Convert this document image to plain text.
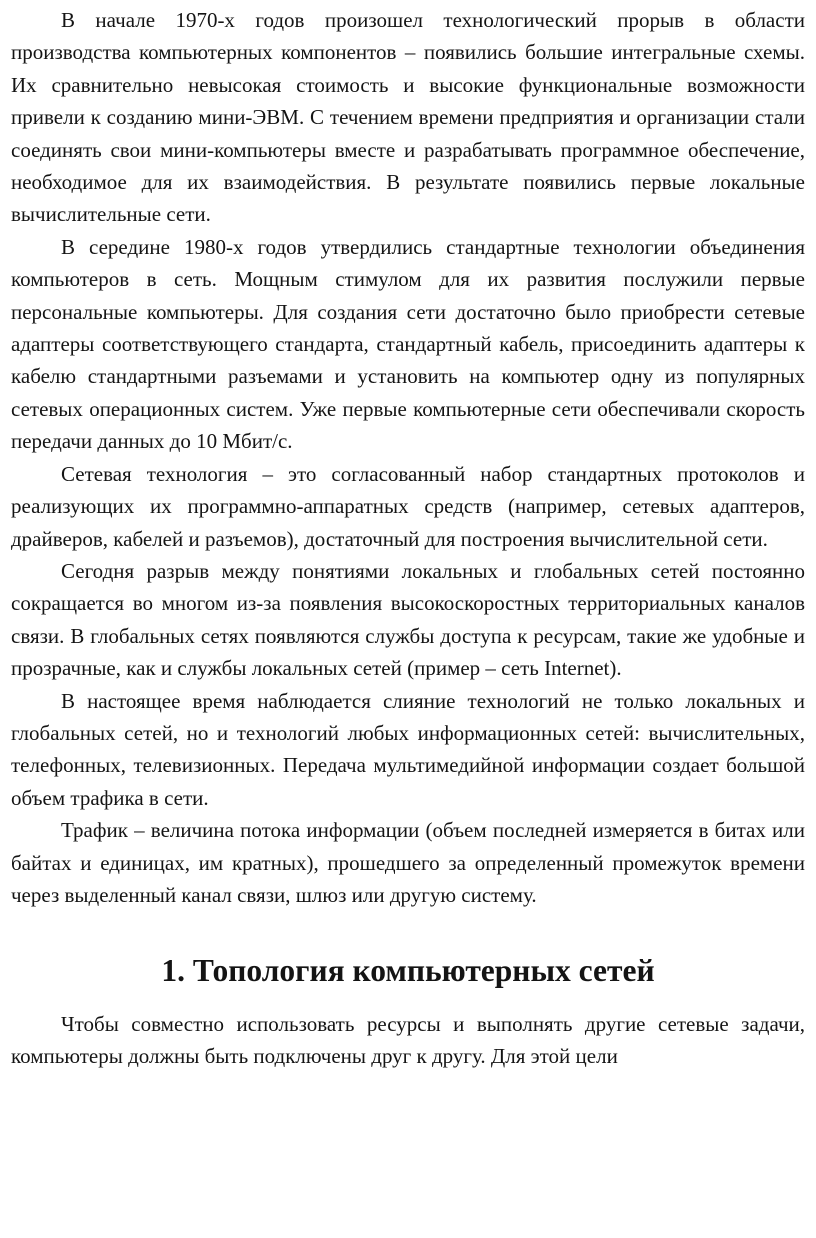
В начале 1970-х годов произошел технологический прорыв в области производства компьютерных компонентов – появились большие интегральные схемы. Их сравнительно невысокая стоимость и высокие функциональные возможности привели к созданию мини-ЭВМ. С течением времени предприятия и организации стали соединять свои мини-компьютеры вместе и разрабатывать программное обеспечение, необходимое для их взаимодействия. В результате появились первые локальные вычислительные сети.

В середине 1980-х годов утвердились стандартные технологии объединения компьютеров в сеть. Мощным стимулом для их развития послужили первые персональные компьютеры. Для создания сети достаточно было приобрести сетевые адаптеры соответствующего стандарта, стандартный кабель, присоединить адаптеры к кабелю стандартными разъемами и установить на компьютер одну из популярных сетевых операционных систем. Уже первые компьютерные сети обеспечивали скорость передачи данных до 10 Мбит/с.

Сетевая технология – это согласованный набор стандартных протоколов и реализующих их программно-аппаратных средств (например, сетевых адаптеров, драйверов, кабелей и разъемов), достаточный для построения вычислительной сети.

Сегодня разрыв между понятиями локальных и глобальных сетей постоянно сокращается во многом из-за появления высокоскоростных территориальных каналов связи. В глобальных сетях появляются службы доступа к ресурсам, такие же удобные и прозрачные, как и службы локальных сетей (пример – сеть Internet).

В настоящее время наблюдается слияние технологий не только локальных и глобальных сетей, но и технологий любых информационных сетей: вычислительных, телефонных, телевизионных. Передача мультимедийной информации создает большой объем трафика в сети.

Трафик – величина потока информации (объем последней измеряется в битах или байтах и единицах, им кратных), прошедшего за определенный промежуток времени через выделенный канал связи, шлюз или другую систему.

1. Топология компьютерных сетей

Чтобы совместно использовать ресурсы и выполнять другие сетевые задачи, компьютеры должны быть подключены друг к другу. Для этой цели
